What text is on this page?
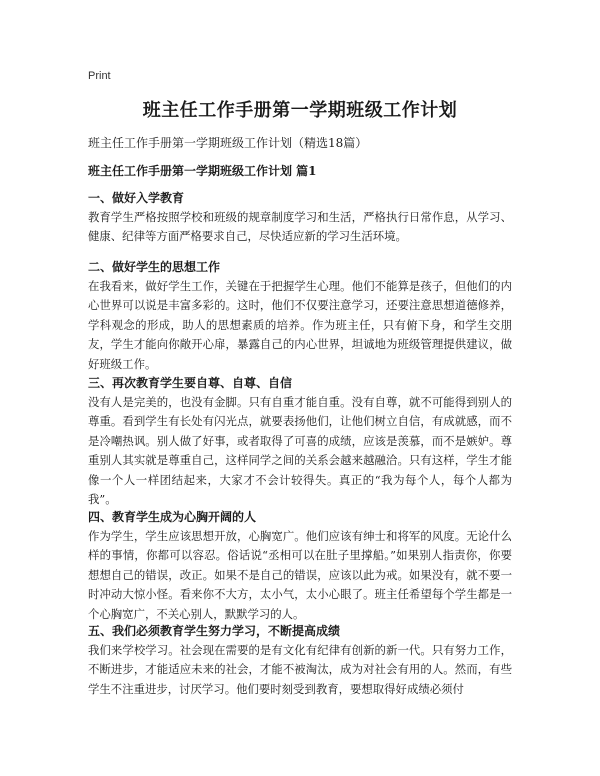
Print
班主任工作手册第一学期班级工作计划
班主任工作手册第一学期班级工作计划（精选18篇）
班主任工作手册第一学期班级工作计划 篇1
一、做好入学教育
教育学生严格按照学校和班级的规章制度学习和生活，严格执行日常作息，从学习、健康、纪律等方面严格要求自己，尽快适应新的学习生活环境。
二、做好学生的思想工作
在我看来，做好学生工作，关键在于把握学生心理。他们不能算是孩子，但他们的内心世界可以说是丰富多彩的。这时，他们不仅要注意学习，还要注意思想道德修养，学科观念的形成，助人的思想素质的培养。作为班主任，只有俯下身，和学生交朋友，学生才能向你敞开心扉，暴露自己的内心世界，坦诚地为班级管理提供建议，做好班级工作。
三、再次教育学生要自尊、自尊、自信
没有人是完美的，也没有金脚。只有自重才能自重。没有自尊，就不可能得到别人的尊重。看到学生有长处有闪光点，就要表扬他们，让他们树立自信，有成就感，而不是冷嘲热讽。别人做了好事，或者取得了可喜的成绩，应该是羡慕，而不是嫉妒。尊重别人其实就是尊重自己，这样同学之间的关系会越来越融洽。只有这样，学生才能像一个人一样团结起来，大家才不会计较得失。真正的“我为每个人，每个人都为我”。
四、教育学生成为心胸开阔的人
作为学生，学生应该思想开放，心胸宽广。他们应该有绅士和将军的风度。无论什么样的事情，你都可以容忍。俗话说“丞相可以在肚子里撑船。”如果别人指责你，你要想想自己的错误，改正。如果不是自己的错误，应该以此为戒。如果没有，就不要一时冲动大惊小怪。看来你不大方，太小气，太小心眼了。班主任希望每个学生都是一个心胸宽广，不关心别人，默默学习的人。
五、我们必须教育学生努力学习，不断提高成绩
我们来学校学习。社会现在需要的是有文化有纪律有创新的新一代。只有努力工作，不断进步，才能适应未来的社会，才能不被淘汰，成为对社会有用的人。然而，有些学生不注重进步，讨厌学习。他们要时刻受到教育，要想取得好成绩必须付
